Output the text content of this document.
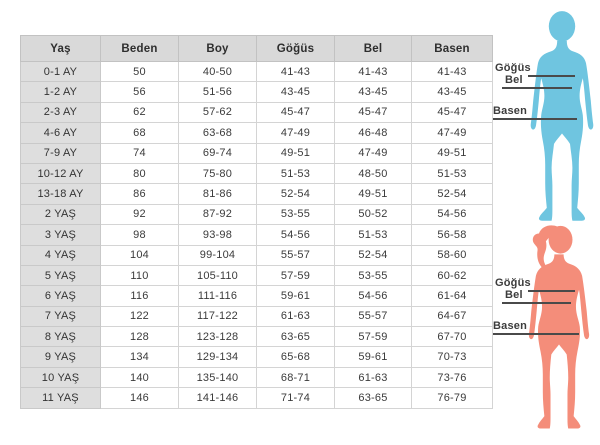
Yaş	Beden	Boy	Göğüs	Bel	Basen
0-1 AY	50	40-50	41-43	41-43	41-43
1-2 AY	56	51-56	43-45	43-45	43-45
2-3 AY	62	57-62	45-47	45-47	45-47
4-6 AY	68	63-68	47-49	46-48	47-49
7-9 AY	74	69-74	49-51	47-49	49-51
10-12 AY	80	75-80	51-53	48-50	51-53
13-18 AY	86	81-86	52-54	49-51	52-54
2 YAŞ	92	87-92	53-55	50-52	54-56
3 YAŞ	98	93-98	54-56	51-53	56-58
4 YAŞ	104	99-104	55-57	52-54	58-60
5 YAŞ	110	105-110	57-59	53-55	60-62
6 YAŞ	116	111-116	59-61	54-56	61-64
7 YAŞ	122	117-122	61-63	55-57	64-67
8 YAŞ	128	123-128	63-65	57-59	67-70
9 YAŞ	134	129-134	65-68	59-61	70-73
10 YAŞ	140	135-140	68-71	61-63	73-76
11 YAŞ	146	141-146	71-74	63-65	76-79
Göğüs
Bel
Basen
Göğüs
Bel
Basen
